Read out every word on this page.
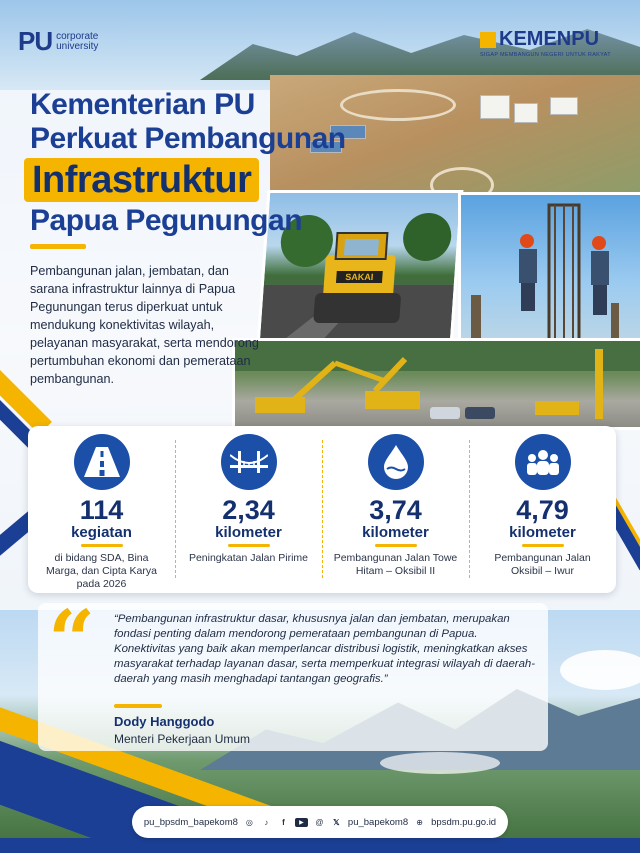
SAKAI
PU corporate
university	KEMENPU
SIGAP MEMBANGUN NEGERI UNTUK RAKYAT
Kementerian PU
Perkuat Pembangunan
Infrastruktur
Papua Pegunungan
Pembangunan jalan, jembatan, dan sarana infrastruktur lainnya di Papua Pegunungan terus diperkuat untuk mendukung konektivitas wilayah, pelayanan masyarakat, serta mendorong pertumbuhan ekonomi dan pemerataan pembangunan.
114
kegiatan
di bidang SDA, Bina Marga, dan Cipta Karya pada 2026
2,34
kilometer
Peningkatan Jalan Pirime
3,74
kilometer
Pembangunan Jalan Towe Hitam – Oksibil II
4,79
kilometer
Pembangunan Jalan Oksibil – Iwur
“ “Pembangunan infrastruktur dasar, khususnya jalan dan jembatan, merupakan fondasi penting dalam mendorong pemerataan pembangunan di Papua. Konektivitas yang baik akan memperlancar distribusi logistik, meningkatkan akses masyarakat terhadap layanan dasar, serta memperkuat integrasi wilayah di daerah-daerah yang masih menghadapi tantangan geografis.”
Dody Hanggodo
Menteri Pekerjaan Umum
pu_bpsdm_bapekom8 ◎	♪	f	▶	@ 𝕏 pu_bapekom8 ⊕ bpsdm.pu.go.id
